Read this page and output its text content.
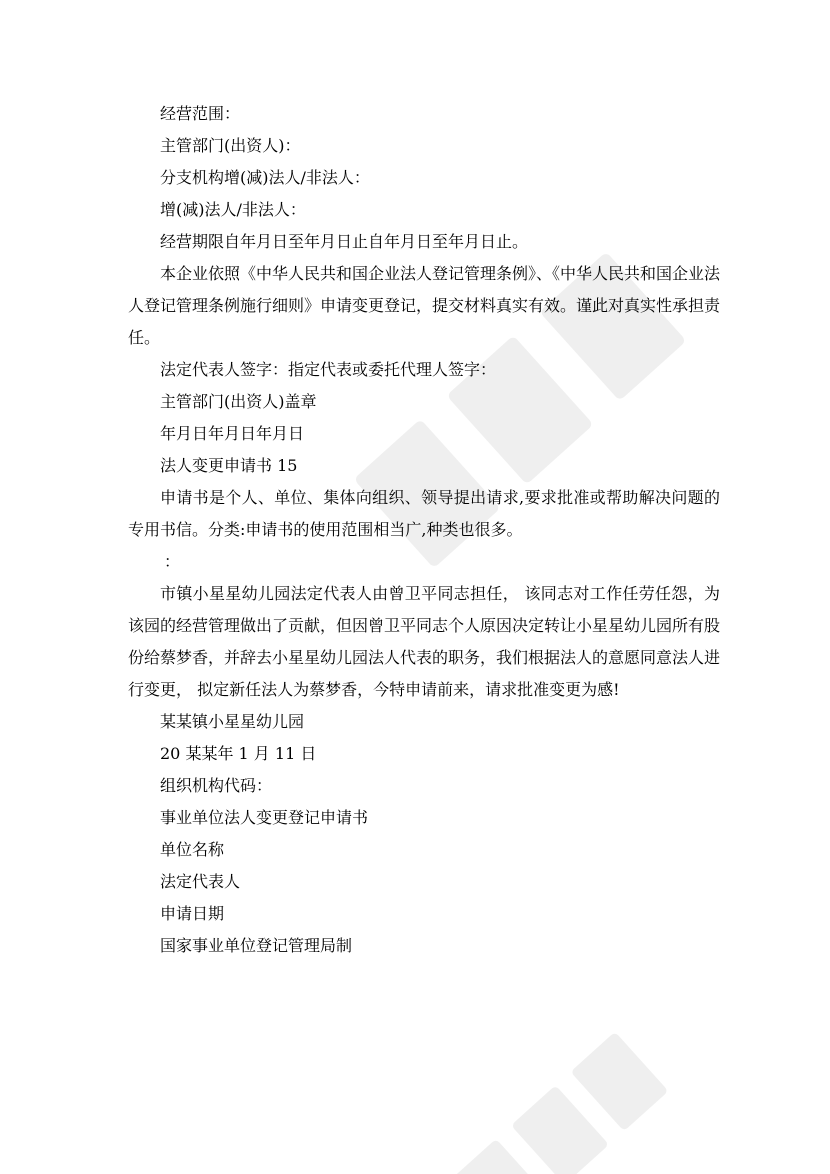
经营范围：

主管部门(出资人)：

分支机构增(减)法人/非法人：

增(减)法人/非法人：

经营期限自年月日至年月日止自年月日至年月日止。

本企业依照《中华人民共和国企业法人登记管理条例》、《中华人民共和国企业法人登记管理条例施行细则》申请变更登记，提交材料真实有效。谨此对真实性承担责任。

法定代表人签字：指定代表或委托代理人签字：

主管部门(出资人)盖章

年月日年月日年月日

法人变更申请书 15

申请书是个人、单位、集体向组织、领导提出请求,要求批准或帮助解决问题的专用书信。分类:申请书的使用范围相当广,种类也很多。

：

市镇小星星幼儿园法定代表人由曾卫平同志担任， 该同志对工作任劳任怨，为该园的经营管理做出了贡献，但因曾卫平同志个人原因决定转让小星星幼儿园所有股份给蔡梦香，并辞去小星星幼儿园法人代表的职务，我们根据法人的意愿同意法人进行变更， 拟定新任法人为蔡梦香，今特申请前来，请求批准变更为感!

某某镇小星星幼儿园

20 某某年 1 月 11 日

组织机构代码：

事业单位法人变更登记申请书

单位名称

法定代表人

申请日期

国家事业单位登记管理局制
